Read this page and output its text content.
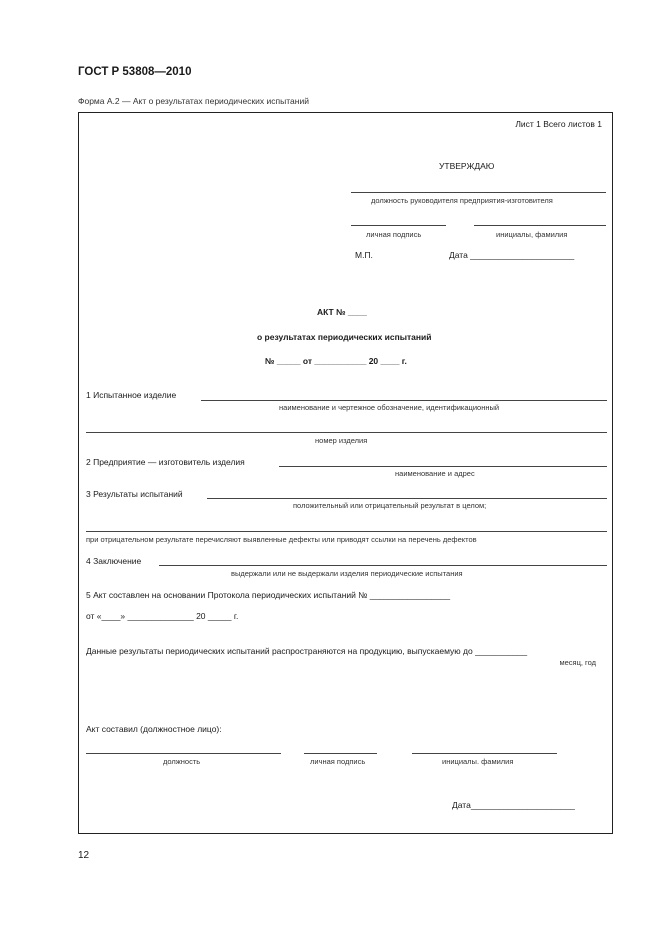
ГОСТ Р 53808—2010
Форма А.2 — Акт о результатах периодических испытаний
Лист 1 Всего листов 1
УТВЕРЖДАЮ
должность руководителя предприятия-изготовителя
личная подпись	инициалы, фамилия
М.П.	Дата ______________________
АКТ № ____
о результатах периодических испытаний
№ _____ от ___________ 20 ____ г.
1 Испытанное изделие
наименование и чертежное обозначение, идентификационный
номер изделия
2 Предприятие — изготовитель изделия
наименование и адрес
3 Результаты испытаний
положительный или отрицательный результат в целом;
при отрицательном результате перечисляют выявленные дефекты или приводят ссылки на перечень дефектов
4 Заключение
выдержали или не выдержали изделия периодические испытания
5 Акт составлен на основании Протокола периодических испытаний № _________________
от «____» ______________ 20 _____ г.
Данные результаты периодических испытаний распространяются на продукцию, выпускаемую до ___________
месяц, год
Акт составил (должностное лицо):
должность	личная подпись	инициалы. фамилия
Дата______________________
12
